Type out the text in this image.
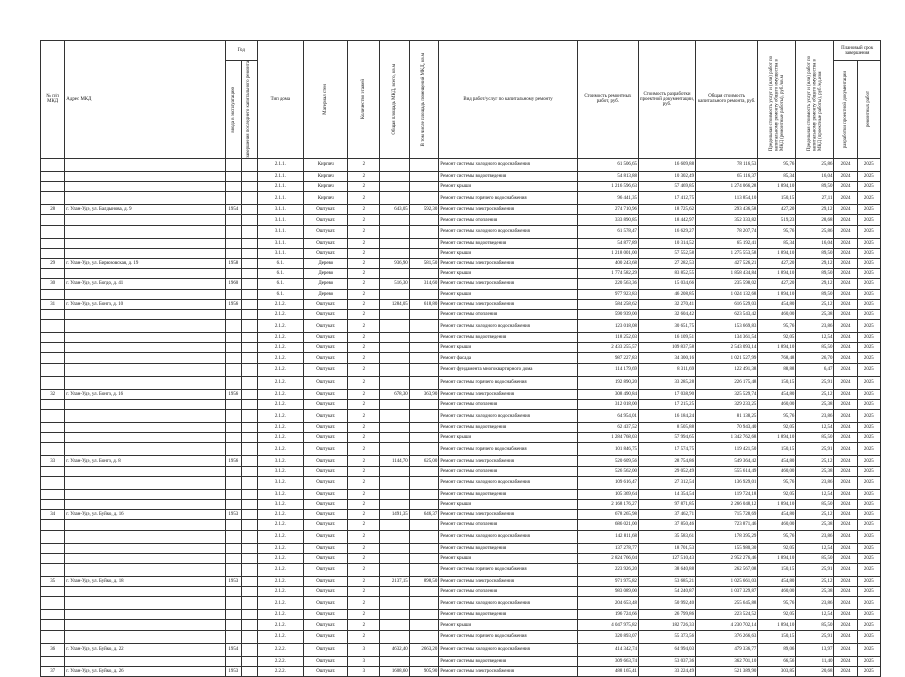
№ п/п МКД	Адрес МКД	Год		Тип дома	Материал стен	Количество этажей	Общая площадь МКД, всего, кв.м	В том числе площадь помещений МКД, кв.м	Вид работ/услуг по капитальному ремонту	Стоимость ремонтных работ, руб.	Стоимость разработки проектной документации, руб.	Общая стоимость капитального ремонта, руб.	Предельная стоимость услуг и (или) работ по капитальному ремонту общего имущества в МКД (ремонтные работы), руб./кв.м	Предельная стоимость услуг и (или) работ по капитальному ремонту общего имущества в МКД (проектные работы), руб./ед.изм	Плановый срок завершения	

		ввода в эксплуатацию	завершения последнего капитального ремонта												разработки проектной документации	ремонтных работ

				2.1.1.	Кирпич	2			Ремонт системы холодного водоснабжения	61 506,65	16 609,88	78 116,53	95,76	25,86	2024	2025
				2.1.1.	Кирпич	2			Ремонт системы водоотведения	54 813,88	10 302,49	65 116,37	85,34	16,04	2024	2025
				2.1.1.	Кирпич	2			Ремонт крыши	1 216 596,63	57 469,85	1 274 066,28	1 894,10	89,50	2024	2025
				2.1.1.	Кирпич	2			Ремонт системы горячего водоснабжения	96 441,35	17 412,75	113 854,10	150,15	27,11	2024	2025
28	г. Улан-Удэ, ул. Балдынова, д. 9	1954		3.1.1.	Оштукат.	2	643,05	592,30	Ремонт системы электроснабжения	274 710,96	18 725,62	293 436,58	427,20	29,12	2024	2025
				3.1.1.	Оштукат.	2			Ремонт системы отопления	333 890,85	18 442,97	352 333,82	519,23	28,68	2024	2025
				3.1.1.	Оштукат.	2			Ремонт системы холодного водоснабжения	61 578,47	16 629,27	78 207,74	95,76	25,86	2024	2025
				3.1.1.	Оштукат.	2			Ремонт системы водоотведения	54 877,89	10 314,52	65 192,41	85,34	16,04	2024	2025
				3.1.1.	Оштукат.	2			Ремонт крыши	1 218 001,00	57 552,58	1 275 553,58	1 894,10	89,50	2024	2025
29	г. Улан-Удэ, ул. Бирюзовская, д. 19	1958		6.1.	Дерево	2	936,90	581,50	Ремонт системы электроснабжения	400 243,68	27 282,53	427 526,21	427,20	29,12	2024	2025
				6.1.	Дерево	2			Ремонт крыши	1 774 582,29	83 852,55	1 858 434,84	1 894,10	89,50	2024	2025
30	г. Улан-Удэ, ул. Богдо, д. 41	1960		6.1.	Дерево	2	516,30	314,60	Ремонт системы электроснабжения	220 563,36	15 034,66	235 598,02	427,20	29,12	2024	2025
				6.1.	Дерево	2			Ремонт крыши	977 923,83	46 208,85	1 024 132,68	1 894,10	89,50	2024	2025
31	г. Улан-Удэ, ул. Бонгз, д. 10	1956		2.1.2.	Оштукат.	2	1284,05	618,80	Ремонт системы электроснабжения	584 258,62	32 270,41	616 529,03	454,80	25,12	2024	2025
				2.1.2.	Оштукат.	2			Ремонт системы отопления	590 939,00	32 604,42	623 543,42	460,00	25,38	2024	2025
				2.1.2.	Оштукат.	2			Ремонт системы холодного водоснабжения	123 018,08	30 651,75	153 669,83	95,76	23,86	2024	2025
				2.1.2.	Оштукат.	2			Ремонт системы водоотведения	118 252,03	16 109,51	134 361,54	92,05	12,54	2024	2025
				2.1.2.	Оштукат.	2			Ремонт крыши	2 433 255,57	109 837,58	2 543 093,14	1 894,10	85,50	2024	2025
				2.1.2.	Оштукат.	2			Ремонт фасада	987 227,83	34 300,16	1 021 527,99	768,48	26,70	2024	2025
				2.1.2.	Оштукат.	2			Ремонт фундамента многоквартирного дома	114 179,69	8 311,69	122 491,38	88,88	6,47	2024	2025
				2.1.2.	Оштукат.	2			Ремонт системы горячего водоснабжения	192 890,20	33 285,28	226 175,48	150,15	25,91	2024	2025
32	г. Улан-Удэ, ул. Бонгз, д. 16	1956		2.1.2.	Оштукат.	2	678,30	363,90	Ремонт системы электроснабжения	308 490,84	17 038,90	325 529,74	454,80	25,12	2024	2025
				2.1.2.	Оштукат.	2			Ремонт системы отопления	312 018,00	17 215,25	329 233,25	460,00	25,38	2024	2025
				2.1.2.	Оштукат.	2			Ремонт системы холодного водоснабжения	64 954,01	16 184,24	81 138,25	95,76	23,86	2024	2025
				2.1.2.	Оштукат.	2			Ремонт системы водоотведения	62 437,52	8 505,88	70 943,40	92,05	12,54	2024	2025
				2.1.2.	Оштукат.	2			Ремонт крыши	1 284 768,03	57 994,65	1 342 762,68	1 894,10	85,50	2024	2025
				2.1.2.	Оштукат.	2			Ремонт системы горячего водоснабжения	101 846,75	17 574,75	119 421,50	150,15	25,91	2024	2025
33	г. Улан-Удэ, ул. Бонгз, д. 8	1956		3.1.2.	Оштукат.	2	1144,70	625,00	Ремонт системы электроснабжения	520 609,56	28 754,86	549 364,42	454,80	25,12	2024	2025
				3.1.2.	Оштукат.	2			Ремонт системы отопления	526 562,00	29 052,49	555 614,49	460,00	25,38	2024	2025
				3.1.2.	Оштукат.	2			Ремонт системы холодного водоснабжения	109 616,47	27 312,54	136 929,01	95,76	23,86	2024	2025
				3.1.2.	Оштукат.	2			Ремонт системы водоотведения	105 369,64	14 354,54	119 724,18	92,05	12,54	2024	2025
				3.1.2.	Оштукат.	2			Ремонт крыши	2 168 176,27	97 871,85	2 266 048,12	1 894,10	85,50	2024	2025
34	г. Улан-Удэ, ул. Буйко, д. 16	1953		2.1.2.	Оштукат.	2	1491,35	646,37	Ремонт системы электроснабжения	678 265,98	37 462,71	715 728,69	454,80	25,12	2024	2025
				2.1.2.	Оштукат.	2			Ремонт системы отопления	686 021,00	37 850,46	723 871,46	460,00	25,38	2024	2025
				2.1.2.	Оштукат.	2			Ремонт системы холодного водоснабжения	142 811,68	35 583,61	178 395,29	95,76	23,86	2024	2025
				2.1.2.	Оштукат.	2			Ремонт системы водоотведения	137 278,77	18 701,53	155 980,30	92,05	12,54	2024	2025
				2.1.2.	Оштукат.	2			Ремонт крыши	2 824 766,04	127 510,43	2 952 276,46	1 894,10	85,50	2024	2025
				2.1.2.	Оштукат.	2			Ремонт системы горячего водоснабжения	223 926,20	38 640,88	262 567,08	150,15	25,91	2024	2025
35	г. Улан-Удэ, ул. Буйко, д. 18	1953		2.1.2.	Оштукат.	2	2137,15	898,50	Ремонт системы электроснабжения	971 975,82	53 685,21	1 025 661,03	454,80	25,12	2024	2025
				2.1.2.	Оштукат.	2			Ремонт системы отопления	983 089,00	54 240,87	1 037 329,87	460,00	25,38	2024	2025
				2.1.2.	Оштукат.	2			Ремонт системы холодного водоснабжения	204 653,48	50 992,40	255 645,88	95,76	23,86	2024	2025
				2.1.2.	Оштукат.	2			Ремонт системы водоотведения	196 724,66	26 799,86	223 524,52	92,05	12,54	2024	2025
				2.1.2.	Оштукат.	2			Ремонт крыши	4 047 975,82	182 726,33	4 230 702,14	1 894,10	85,50	2024	2025
				2.1.2.	Оштукат.	2			Ремонт системы горячего водоснабжения	320 893,07	55 373,56	376 266,63	150,15	25,91	2024	2025
36	г. Улан-Удэ, ул. Буйко, д. 22	1954		2.2.2.	Оштукат.	3	4632,40	2663,20	Ремонт системы холодного водоснабжения	414 342,74	64 994,03	479 336,77	89,06	13,97	2024	2025
				2.2.2.	Оштукат.	3			Ремонт системы водоотведения	309 663,74	53 037,36	362 701,10	66,56	11,40	2024	2025
37	г. Улан-Удэ, ул. Буйко, д. 26	1953		2.2.2.	Оштукат.	3	1608,60	905,90	Ремонт системы электроснабжения	488 165,41	33 224,49	521 389,90	303,85	20,68	2024	2025
